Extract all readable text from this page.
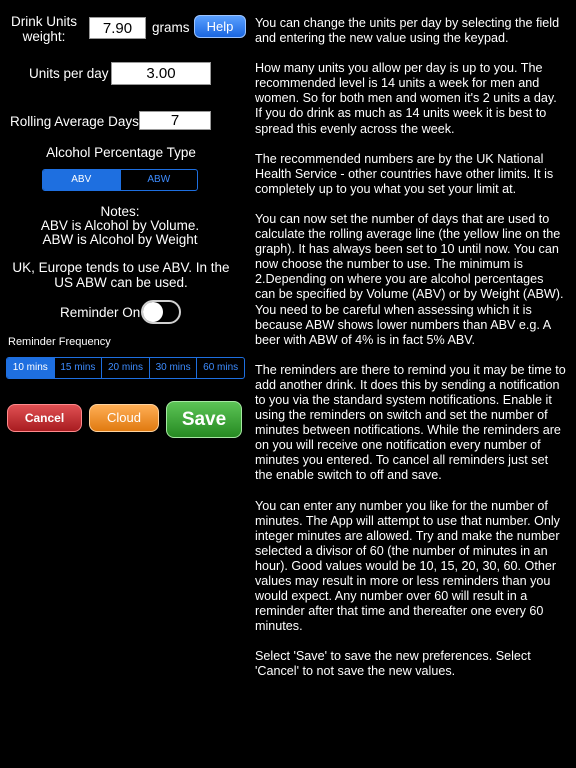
Drink Units weight:
7.90
grams	Help
Units per day
3.00
Rolling Average Days
7
Alcohol Percentage Type
ABV	ABW
Notes:
ABV is Alcohol by Volume.
ABW is Alcohol by Weight
UK, Europe tends to use ABV. In the US ABW can be used.
Reminder On
Reminder Frequency
10 mins	15 mins	20 mins	30 mins	60 mins
Cancel	Cloud	Save

You can change the units per day by selecting the field and entering the new value using the keypad.

How many units you allow per day is up to you. The recommended level is 14 units a week for men and women. So for both men and women it's 2 units a day. If you do drink as much as 14 units week it is best to spread this evenly across the week.

The recommended numbers are by the UK National Health Service - other countries have other limits. It is completely up to you what you set your limit at.

You can now set the number of days that are used to calculate the rolling average line (the yellow line on the graph). It has always been set to 10 until now. You can now choose the number to use. The minimum is 2.Depending on where you are alcohol percentages can be specified by Volume (ABV) or by Weight (ABW). You need to be careful when assessing which it is because ABW shows lower numbers than ABV e.g. A beer with ABW of 4% is in fact 5% ABV.

The reminders are there to remind you it may be time to add another drink. It does this by sending a notification to you via the standard system notifications. Enable it using the reminders on switch and set the number of minutes between notifications. While the reminders are on you will receive one notification every number of minutes you entered. To cancel all reminders just set the enable switch to off and save.

You can enter any number you like for the number of minutes. The App will attempt to use that number. Only integer minutes are allowed. Try and make the number selected a divisor of 60 (the number of minutes in an hour). Good values would be 10, 15, 20, 30, 60. Other values may result in more or less reminders than you would expect. Any number over 60 will result in a reminder after that time and thereafter one every 60 minutes.

Select 'Save' to save the new preferences. Select 'Cancel' to not save the new values.
